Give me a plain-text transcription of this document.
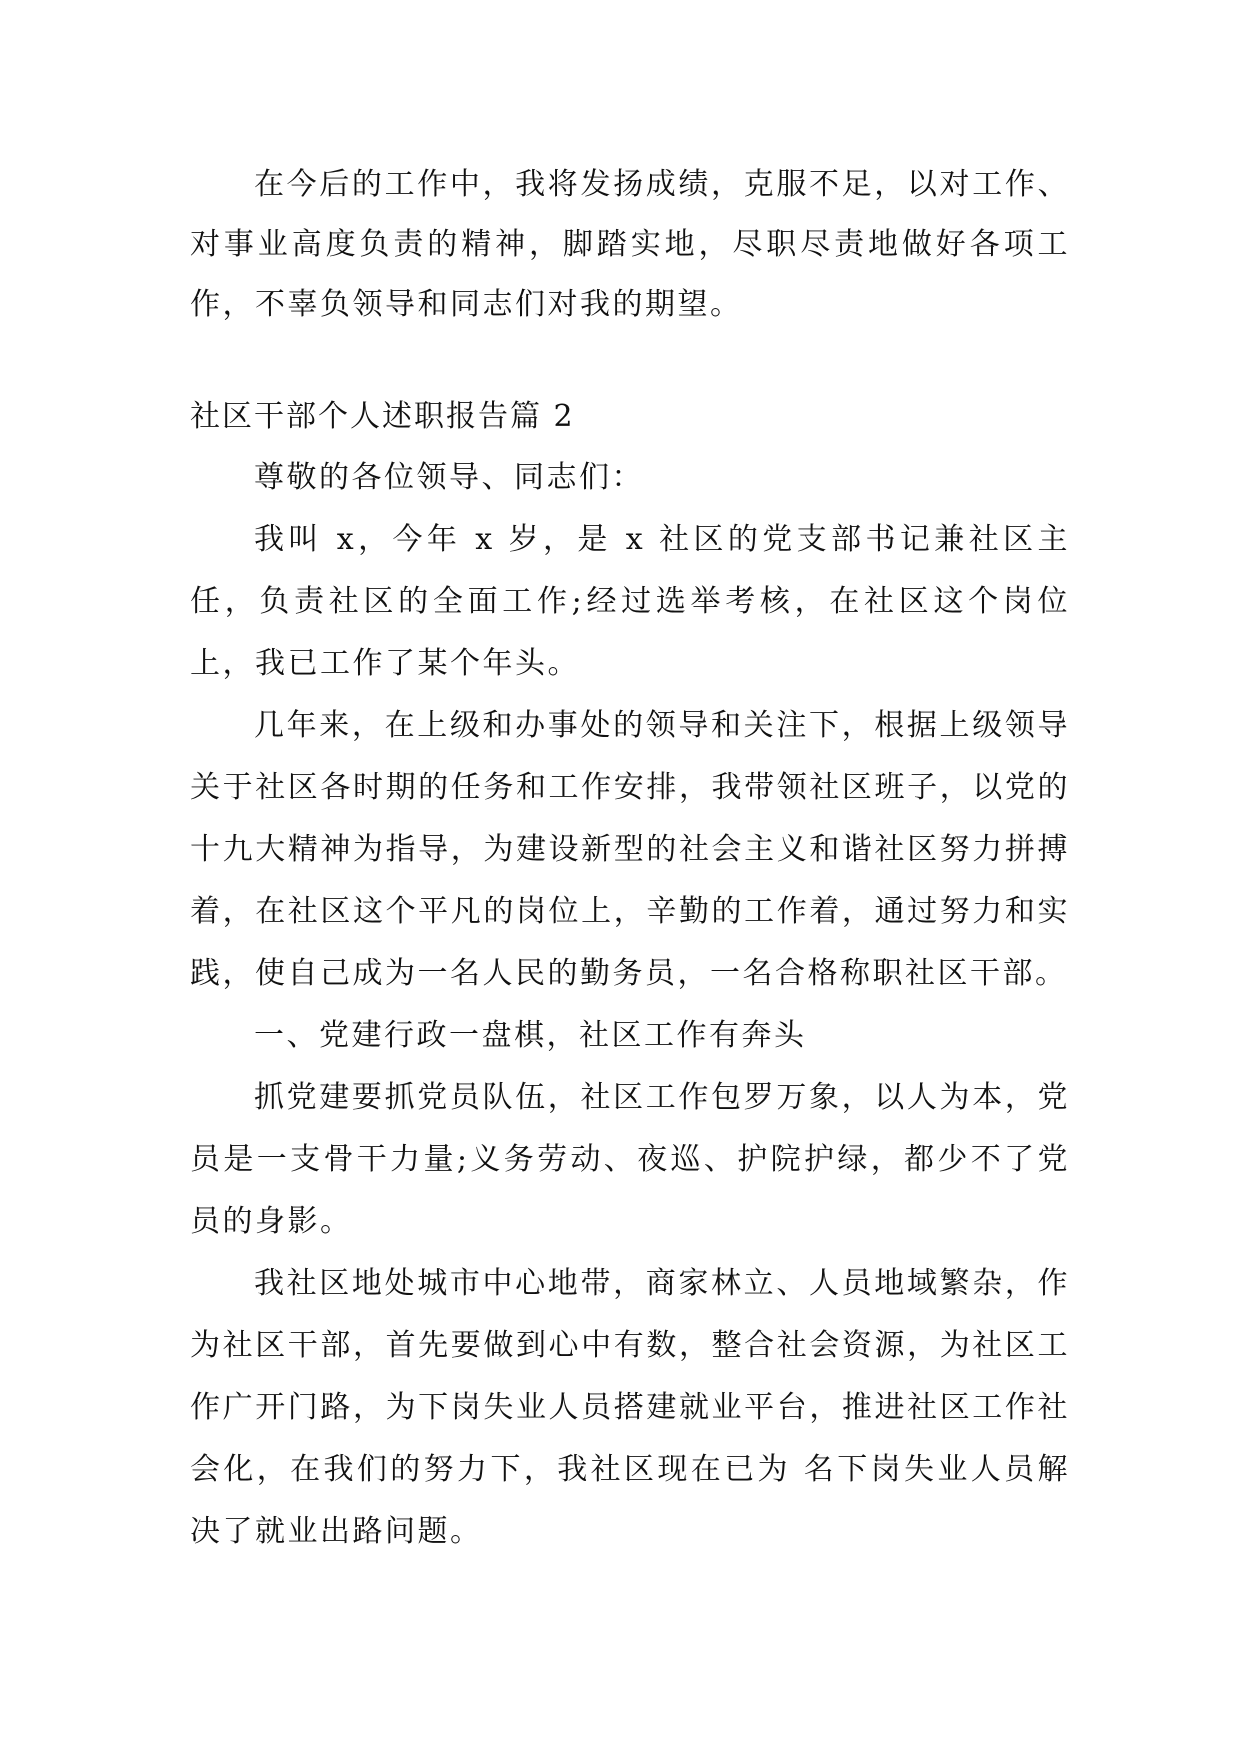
在今后的工作中，我将发扬成绩，克服不足，以对工作、对事业高度负责的精神，脚踏实地，尽职尽责地做好各项工作，不辜负领导和同志们对我的期望。

社区干部个人述职报告篇 2

尊敬的各位领导、同志们：

我叫 x，今年 x 岁，是 x 社区的党支部书记兼社区主任，负责社区的全面工作;经过选举考核，在社区这个岗位上，我已工作了某个年头。

几年来，在上级和办事处的领导和关注下，根据上级领导关于社区各时期的任务和工作安排，我带领社区班子，以党的十九大精神为指导，为建设新型的社会主义和谐社区努力拼搏着，在社区这个平凡的岗位上，辛勤的工作着，通过努力和实践，使自己成为一名人民的勤务员，一名合格称职社区干部。

一、党建行政一盘棋，社区工作有奔头

抓党建要抓党员队伍，社区工作包罗万象，以人为本，党员是一支骨干力量;义务劳动、夜巡、护院护绿，都少不了党员的身影。

我社区地处城市中心地带，商家林立、人员地域繁杂，作为社区干部，首先要做到心中有数，整合社会资源，为社区工作广开门路，为下岗失业人员搭建就业平台，推进社区工作社会化，在我们的努力下，我社区现在已为 名下岗失业人员解决了就业出路问题。
